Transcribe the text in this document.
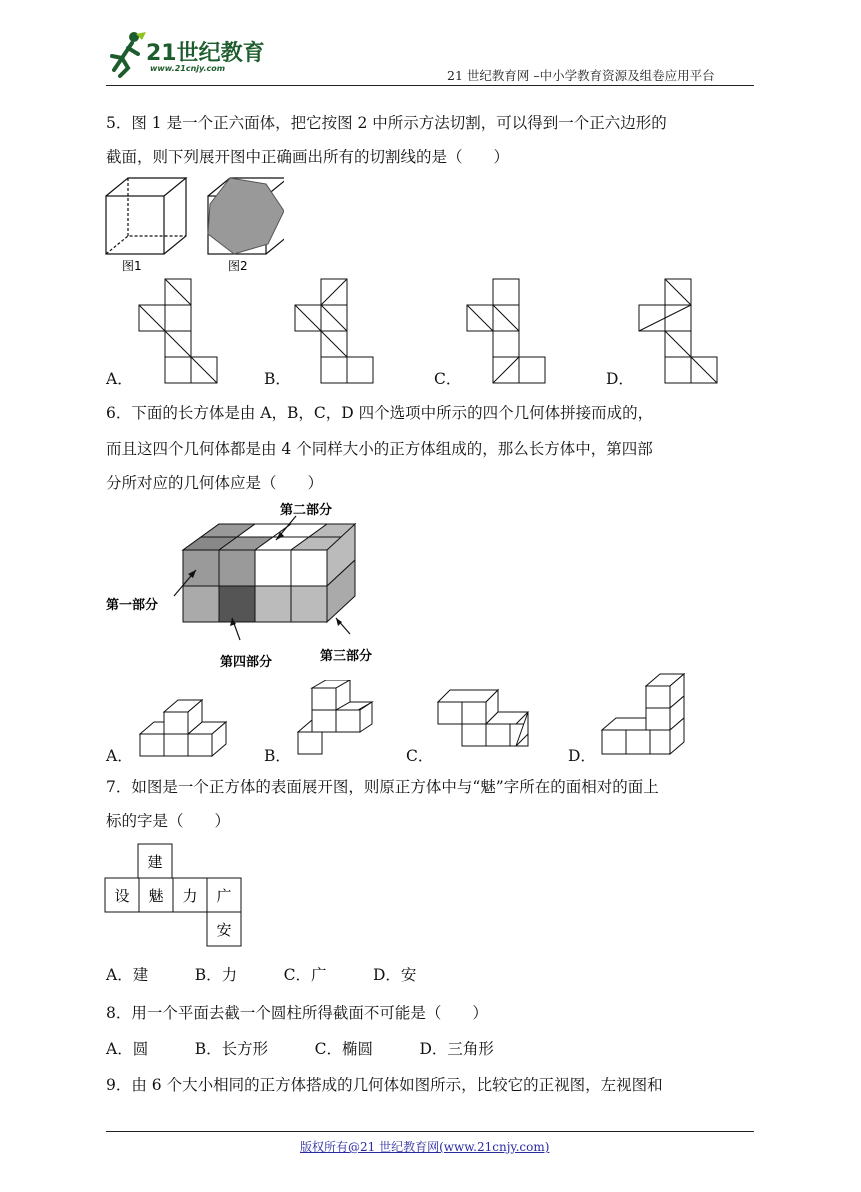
21世纪教育
www.21cnjy.com	21 世纪教育网 –中小学教育资源及组卷应用平台
5．图 1 是一个正六面体，把它按图 2 中所示方法切割，可以得到一个正六边形的
截面，则下列展开图中正确画出所有的切割线的是（　　）
图1	图2
A．	B．	C．	D．
6．下面的长方体是由 A，B，C，D 四个选项中所示的四个几何体拼接而成的，
而且这四个几何体都是由 4 个同样大小的正方体组成的，那么长方体中，第四部
分所对应的几何体应是（　　）
第一部分
第二部分
第三部分
第四部分
A．	B．	C．	D．
7．如图是一个正方体的表面展开图，则原正方体中与“魅”字所在的面相对的面上
标的字是（　　）
建
设 魅 力 广
安
A．建　　　B．力　　　C．广　　　D．安
8．用一个平面去截一个圆柱所得截面不可能是（　　）
A．圆　　　B．长方形　　　C．椭圆　　　D．三角形
9．由 6 个大小相同的正方体搭成的几何体如图所示，比较它的正视图，左视图和
版权所有@21 世纪教育网(www.21cnjy.com)
